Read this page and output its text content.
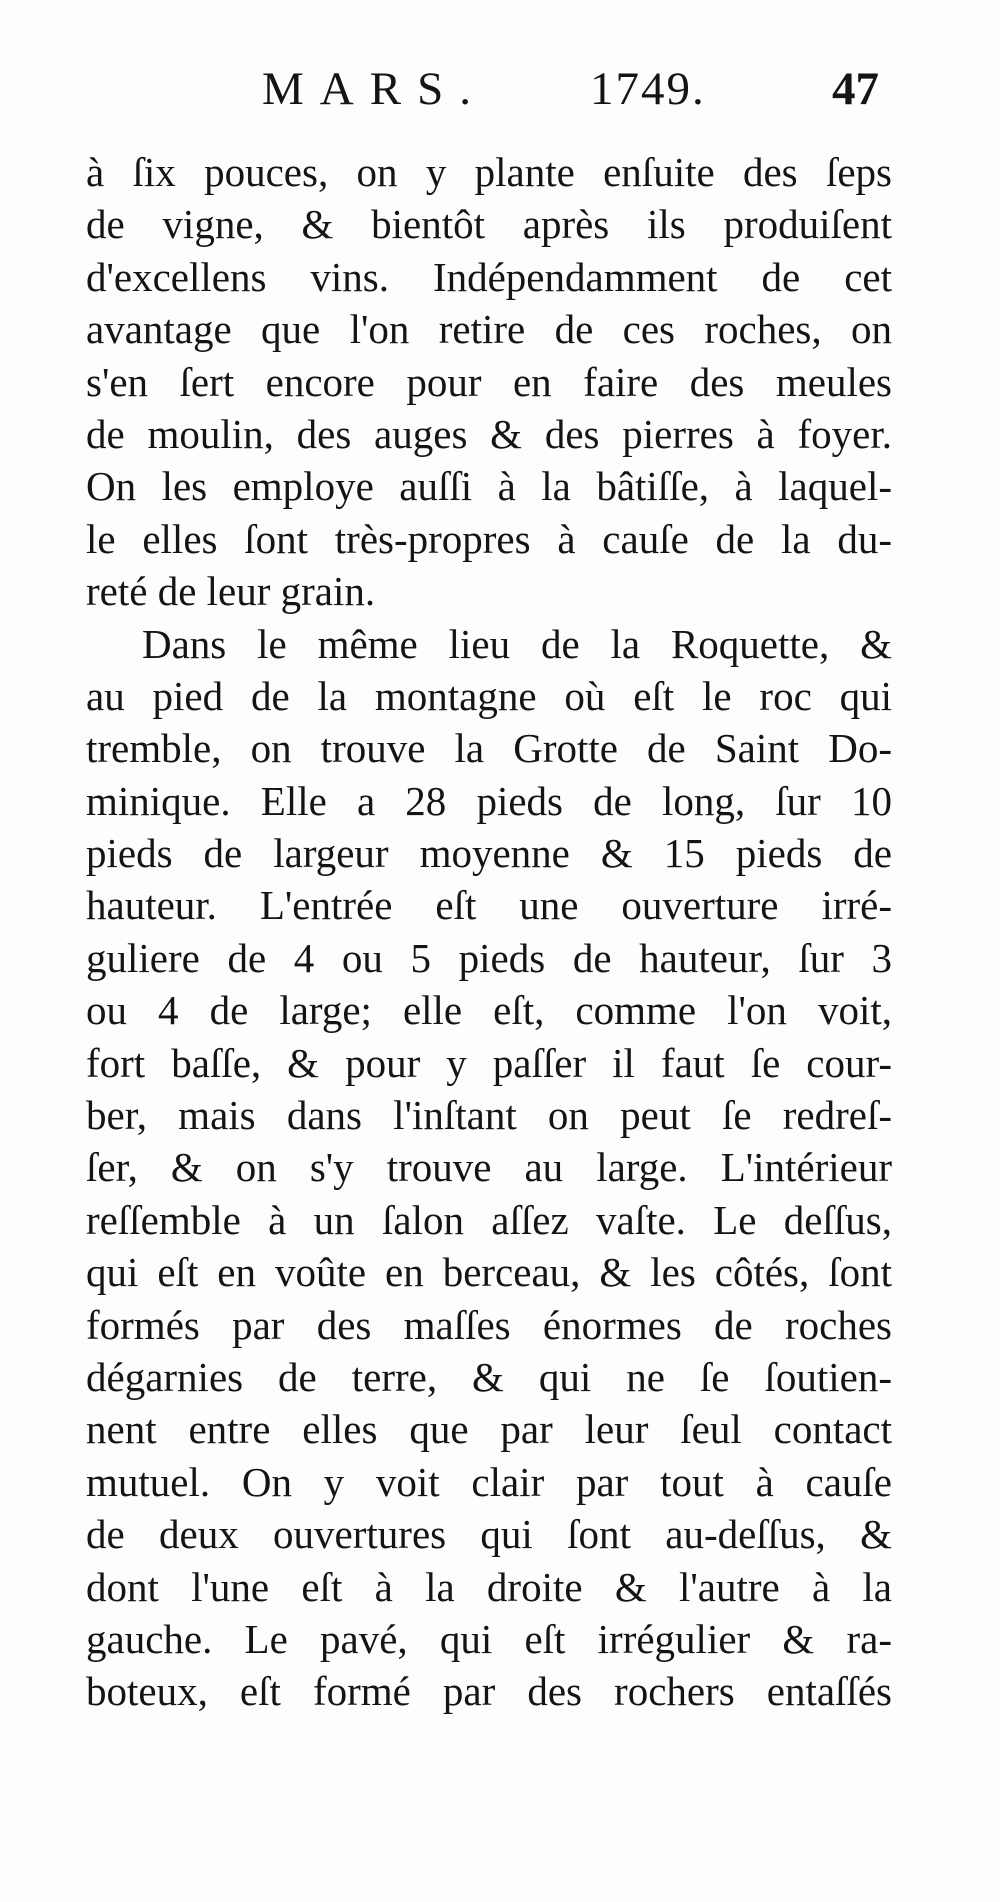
MARS. 1749.	47
à ſix pouces, on y plante enſuite des ſeps
de vigne, & bientôt après ils produiſent
d'excellens vins. Indépendamment de cet
avantage que l'on retire de ces roches, on
s'en ſert encore pour en faire des meules
de moulin, des auges & des pierres à foyer.
On les employe auſſi à la bâtiſſe, à laquel-
le elles ſont très-propres à cauſe de la du-
reté de leur grain.
Dans le même lieu de la Roquette, &
au pied de la montagne où eſt le roc qui
tremble, on trouve la Grotte de Saint Do-
minique. Elle a 28 pieds de long, ſur 10
pieds de largeur moyenne & 15 pieds de
hauteur. L'entrée eſt une ouverture irré-
guliere de 4 ou 5 pieds de hauteur, ſur 3
ou 4 de large; elle eſt, comme l'on voit,
fort baſſe, & pour y paſſer il faut ſe cour-
ber, mais dans l'inſtant on peut ſe redreſ-
ſer, & on s'y trouve au large. L'intérieur
reſſemble à un ſalon aſſez vaſte. Le deſſus,
qui eſt en voûte en berceau, & les côtés, ſont
formés par des maſſes énormes de roches
dégarnies de terre, & qui ne ſe ſoutien-
nent entre elles que par leur ſeul contact
mutuel. On y voit clair par tout à cauſe
de deux ouvertures qui ſont au-deſſus, &
dont l'une eſt à la droite & l'autre à la
gauche. Le pavé, qui eſt irrégulier & ra-
boteux, eſt formé par des rochers entaſſés
